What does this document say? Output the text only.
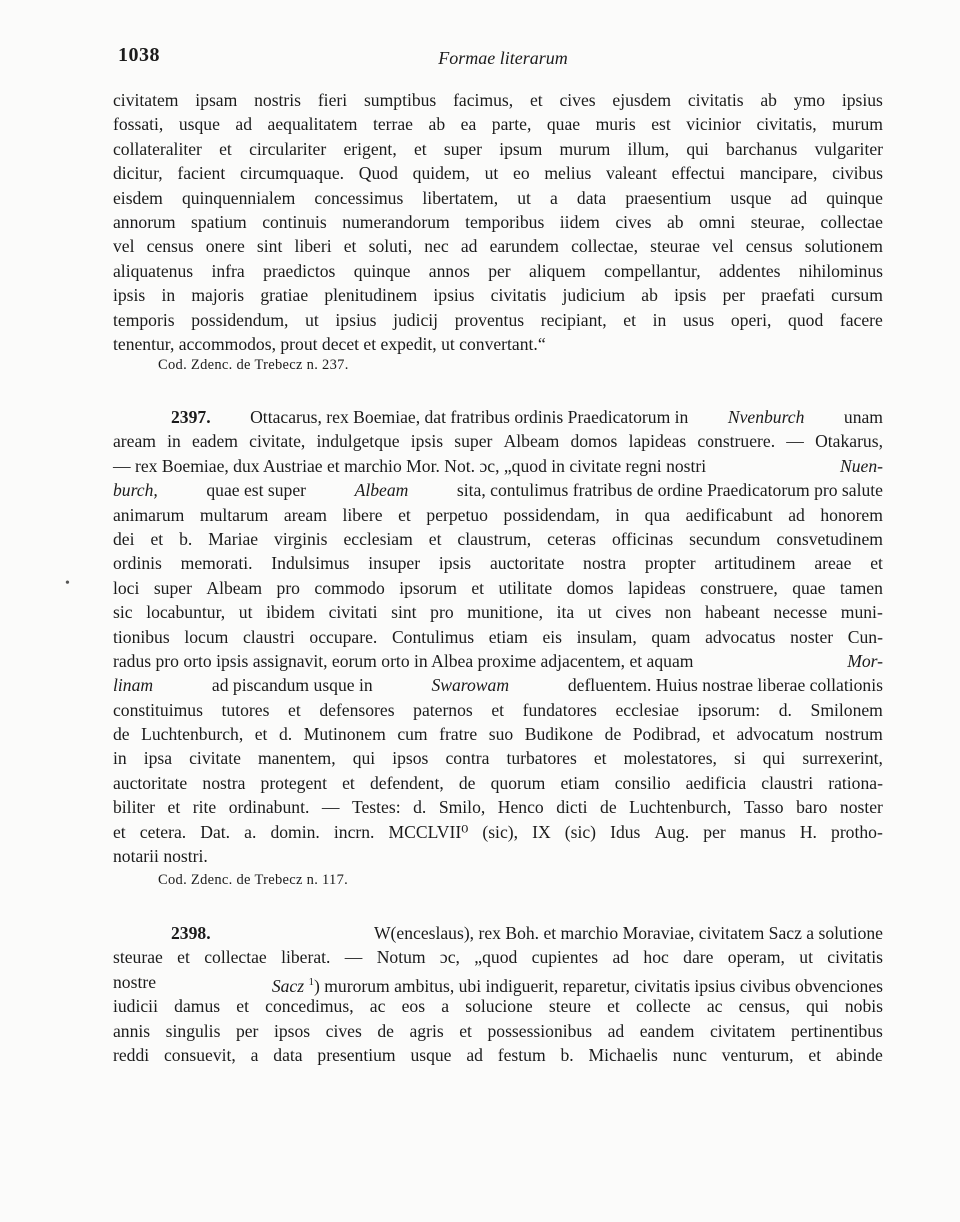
1038	Formae literarum
civitatem ipsam nostris fieri sumptibus facimus, et cives ejusdem civitatis ab ymo ipsius
fossati, usque ad aequalitatem terrae ab ea parte, quae muris est vicinior civitatis, murum
collateraliter et circulariter erigent, et super ipsum murum illum, qui barchanus vulgariter
dicitur, facient circumquaque. Quod quidem, ut eo melius valeant effectui mancipare, civibus
eisdem quinquennialem concessimus libertatem, ut a data praesentium usque ad quinque
annorum spatium continuis numerandorum temporibus iidem cives ab omni steurae, collectae
vel census onere sint liberi et soluti, nec ad earundem collectae, steurae vel census solutionem
aliquatenus infra praedictos quinque annos per aliquem compellantur, addentes nihilominus
ipsis in majoris gratiae plenitudinem ipsius civitatis judicium ab ipsis per praefati cursum
temporis possidendum, ut ipsius judicij proventus recipiant, et in usus operi, quod facere
tenentur, accommodos, prout decet et expedit, ut convertant.“
Cod. Zdenc. de Trebecz n. 237.
2397. Ottacarus, rex Boemiae, dat fratribus ordinis Praedicatorum in Nvenburch unam
aream in eadem civitate, indulgetque ipsis super Albeam domos lapideas construere. — Otakarus,
— rex Boemiae, dux Austriae et marchio Mor. Not. ɔc, „quod in civitate regni nostri	Nuen-
burch,	quae est super	Albeam	sita, contulimus fratribus de ordine Praedicatorum pro salute
animarum multarum aream libere et perpetuo possidendam, in qua aedificabunt ad honorem
dei et b. Mariae virginis ecclesiam et claustrum, ceteras officinas secundum consvetudinem
ordinis memorati. Indulsimus insuper ipsis auctoritate nostra propter artitudinem areae et
loci super Albeam pro commodo ipsorum et utilitate domos lapideas construere, quae tamen
sic locabuntur, ut ibidem civitati sint pro munitione, ita ut cives non habeant necesse muni-
tionibus locum claustri occupare. Contulimus etiam eis insulam, quam advocatus noster Cun-
radus pro orto ipsis assignavit, eorum orto in Albea proxime adjacentem, et aquam	Mor-
linam	ad piscandum usque in	Swarowam	defluentem. Huius nostrae liberae collationis
constituimus tutores et defensores paternos et fundatores ecclesiae ipsorum: d. Smilonem
de Luchtenburch, et d. Mutinonem cum fratre suo Budikone de Podibrad, et advocatum nostrum
in ipsa civitate manentem, qui ipsos contra turbatores et molestatores, si qui surrexerint,
auctoritate nostra protegent et defendent, de quorum etiam consilio aedificia claustri rationa-
biliter et rite ordinabunt. — Testes: d. Smilo, Henco dicti de Luchtenburch, Tasso baro noster
et cetera. Dat. a. domin. incrn. MCCLVII⁰ (sic), IX (sic) Idus Aug. per manus H. protho-
notarii nostri.
Cod. Zdenc. de Trebecz n. 117.
2398.	W(enceslaus), rex Boh. et marchio Moraviae, civitatem Sacz a solutione
steurae et collectae liberat. — Notum ɔc, „quod cupientes ad hoc dare operam, ut civitatis
nostre	Sacz $^1$) murorum ambitus, ubi indiguerit, reparetur, civitatis ipsius civibus obvenciones
iudicii damus et concedimus, ac eos a solucione steure et collecte ac census, qui nobis
annis singulis per ipsos cives de agris et possessionibus ad eandem civitatem pertinentibus
reddi consuevit, a data presentium usque ad festum b. Michaelis nunc venturum, et abinde
•
